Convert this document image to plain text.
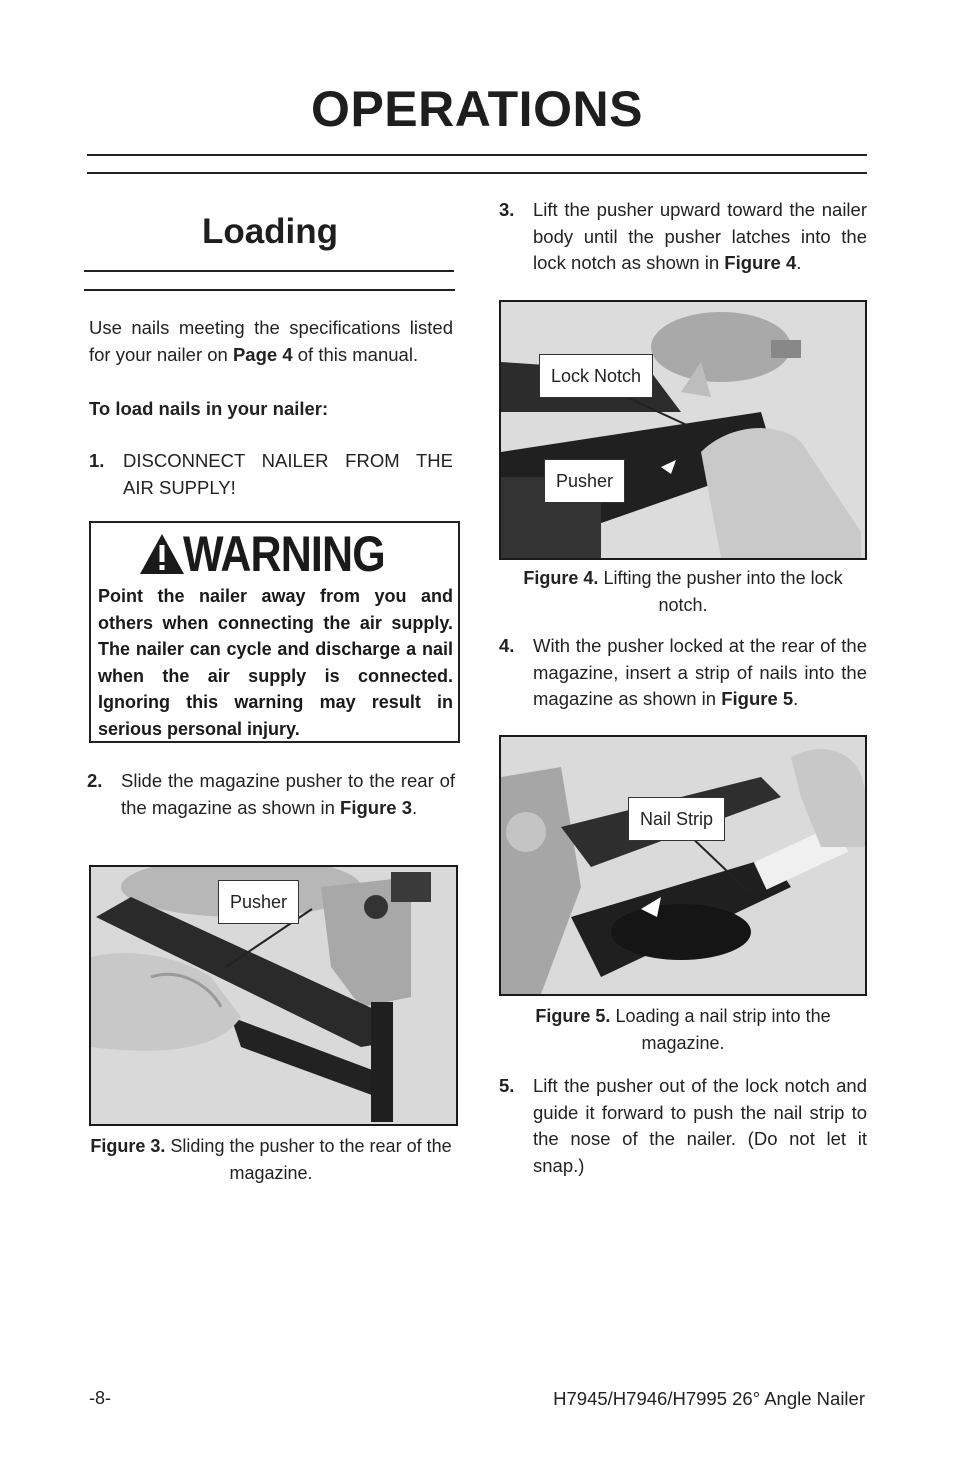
OPERATIONS
Loading
Use nails meeting the specifications listed for your nailer on Page 4 of this manual.
To load nails in your nailer:
1. DISCONNECT NAILER FROM THE AIR SUPPLY!
WARNING
Point the nailer away from you and others when connecting the air supply. The nailer can cycle and discharge a nail when the air supply is connected. Ignoring this warning may result in serious personal injury.
2. Slide the magazine pusher to the rear of the magazine as shown in Figure 3.
Pusher
Figure 3. Sliding the pusher to the rear of the magazine.
3. Lift the pusher upward toward the nailer body until the pusher latches into the lock notch as shown in Figure 4.
Lock Notch
Pusher
Figure 4. Lifting the pusher into the lock notch.
4. With the pusher locked at the rear of the magazine, insert a strip of nails into the magazine as shown in Figure 5.
Nail Strip
Figure 5. Loading a nail strip into the magazine.
5. Lift the pusher out of the lock notch and guide it forward to push the nail strip to the nose of the nailer. (Do not let it snap.)
-8-	H7945/H7946/H7995 26° Angle Nailer
